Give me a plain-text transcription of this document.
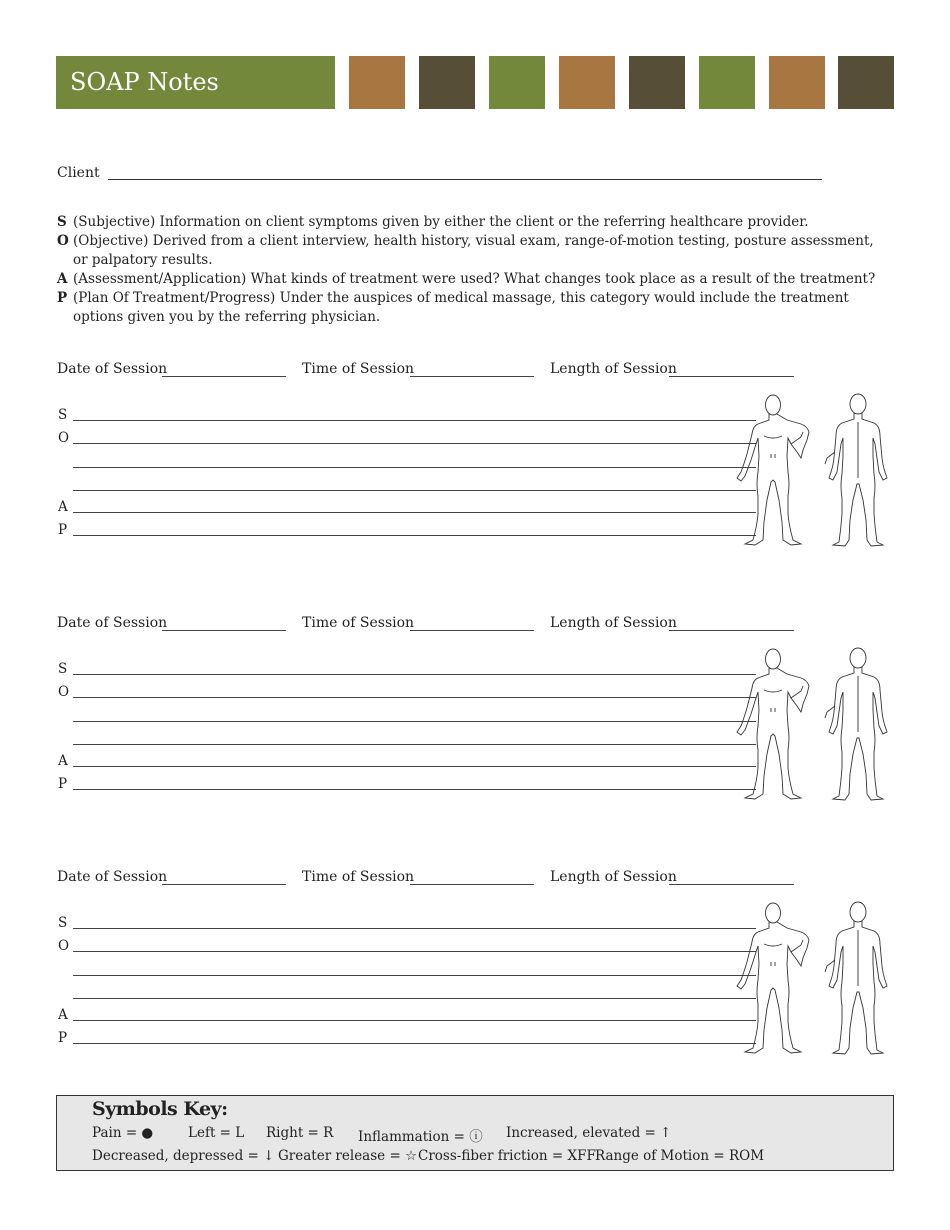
SOAP Notes
Client
S (Subjective) Information on client symptoms given by either the client or the referring healthcare provider.
O (Objective) Derived from a client interview, health history, visual exam, range-of-motion testing, posture assessment, or palpatory results.
A (Assessment/Application) What kinds of treatment were used? What changes took place as a result of the treatment?
P (Plan Of Treatment/Progress) Under the auspices of medical massage, this category would include the treatment options given you by the referring physician.
Date of Session	Time of Session	Length of Session
S
O
A
P
Date of Session	Time of Session	Length of Session
S
O
A
P
Date of Session	Time of Session	Length of Session
S
O
A
P
Symbols Key:
Pain = ●	Left = L Right = R Inflammation = ⓘ Increased, elevated = ↑
Decreased, depressed = ↓ Greater release = ☆ Cross-fiber friction = XFF Range of Motion = ROM
